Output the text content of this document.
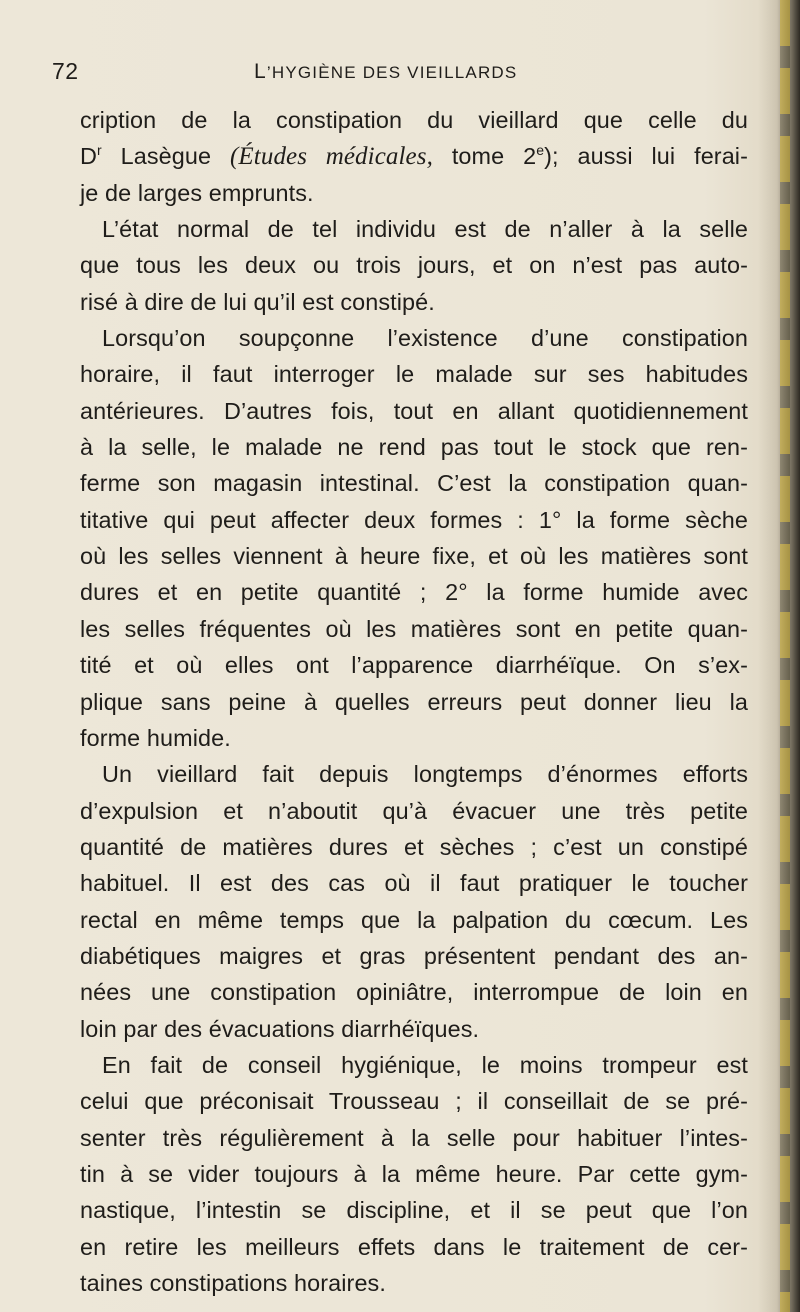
72	L’HYGIÈNE DES VIEILLARDS
cription de la constipation du vieillard que celle du
$D^r$ Lasègue (Études médicales, tome 2e); aussi lui ferai-
je de larges emprunts.
L’état normal de tel individu est de n’aller à la selle
que tous les deux ou trois jours, et on n’est pas auto-
risé à dire de lui qu’il est constipé.
Lorsqu’on soupçonne l’existence d’une constipation
horaire, il faut interroger le malade sur ses habitudes
antérieures. D’autres fois, tout en allant quotidiennement
à la selle, le malade ne rend pas tout le stock que ren-
ferme son magasin intestinal. C’est la constipation quan-
titative qui peut affecter deux formes : 1° la forme sèche
où les selles viennent à heure fixe, et où les matières sont
dures et en petite quantité ; 2° la forme humide avec
les selles fréquentes où les matières sont en petite quan-
tité et où elles ont l’apparence diarrhéïque. On s’ex-
plique sans peine à quelles erreurs peut donner lieu la
forme humide.
Un vieillard fait depuis longtemps d’énormes efforts
d’expulsion et n’aboutit qu’à évacuer une très petite
quantité de matières dures et sèches ; c’est un constipé
habituel. Il est des cas où il faut pratiquer le toucher
rectal en même temps que la palpation du cœcum. Les
diabétiques maigres et gras présentent pendant des an-
nées une constipation opiniâtre, interrompue de loin en
loin par des évacuations diarrhéïques.
En fait de conseil hygiénique, le moins trompeur est
celui que préconisait Trousseau ; il conseillait de se pré-
senter très régulièrement à la selle pour habituer l’intes-
tin à se vider toujours à la même heure. Par cette gym-
nastique, l’intestin se discipline, et il se peut que l’on
en retire les meilleurs effets dans le traitement de cer-
taines constipations horaires.
